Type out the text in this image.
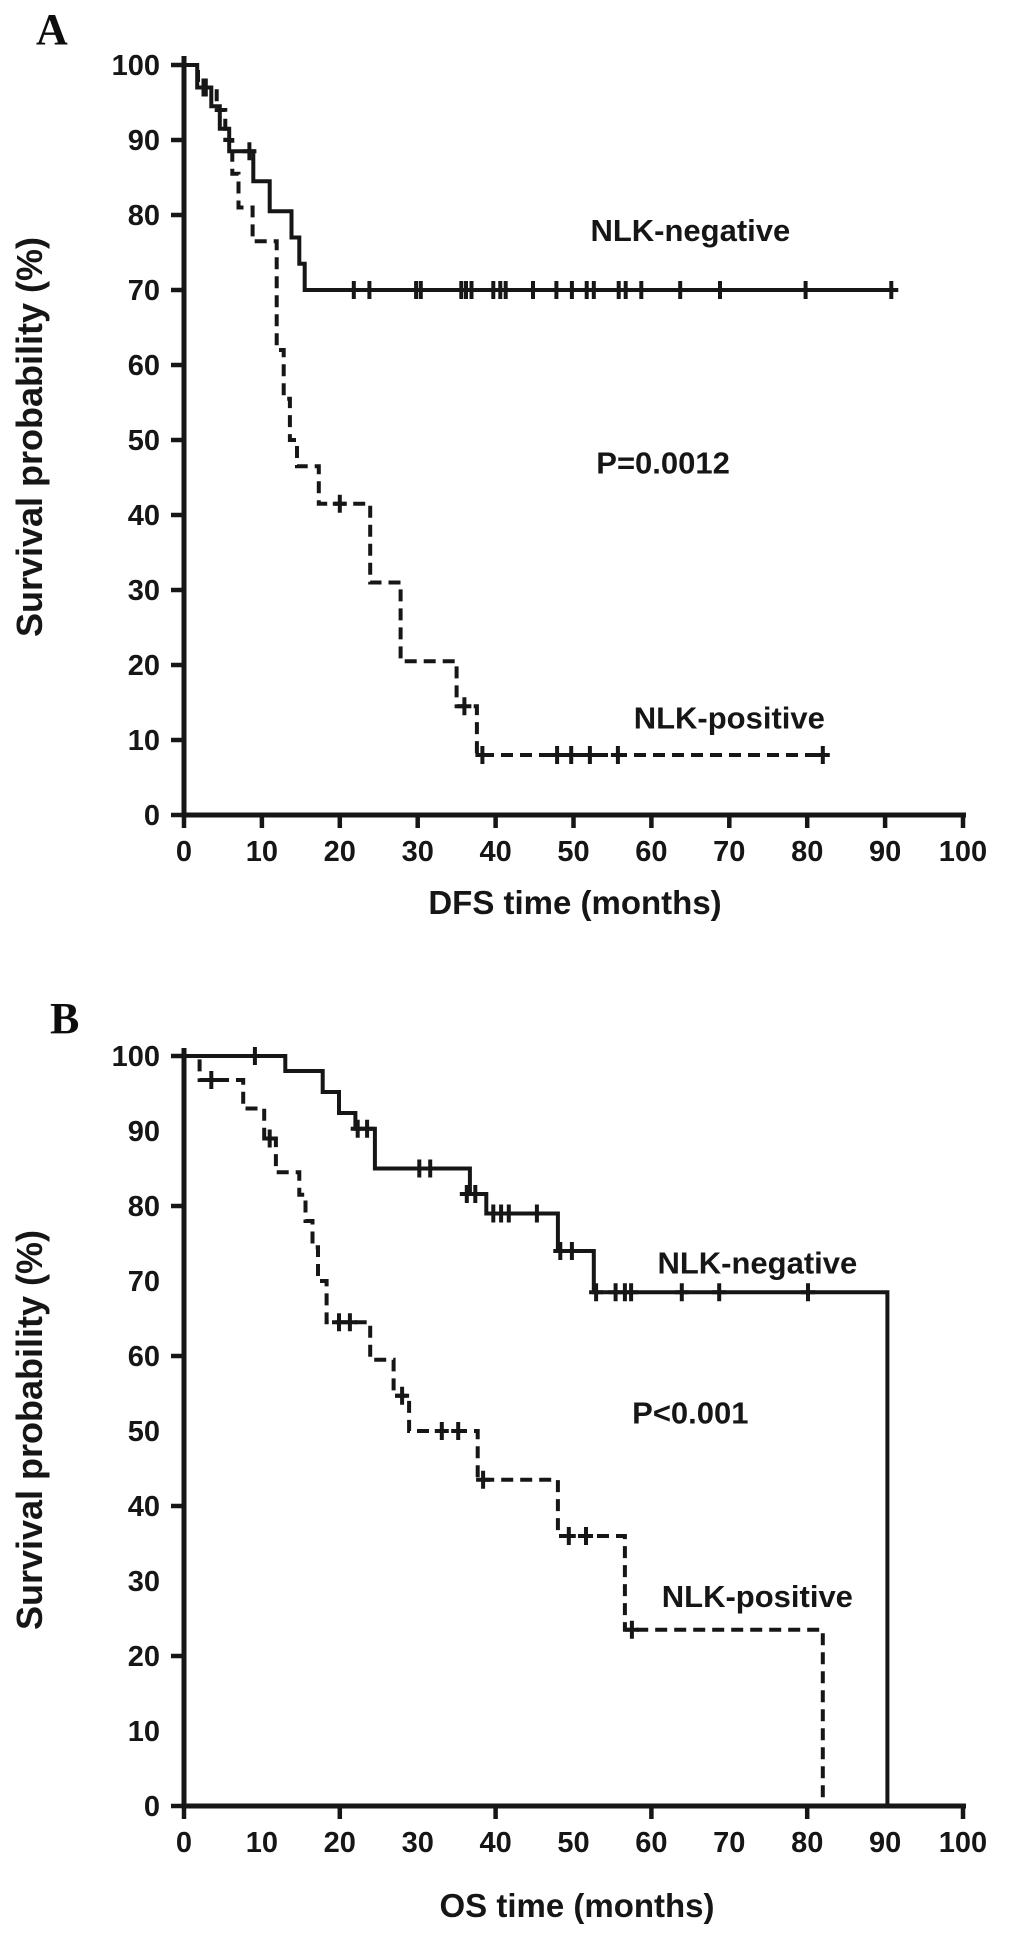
0
10
20
30
40
50
60
70
80
90
100
0 10 20 30 40 50 60 70 80 90 100
NLK-negative
NLK-positive
P=0.0012
0
10
20
30
40
50
60
70
80
90
100
0 10 20 30 40 50 60 70 80 90 100
NLK-negative
NLK-positive
P<0.001
A
Survival probability (%)
DFS time (months)
B
Survival probability (%)
OS time (months)
